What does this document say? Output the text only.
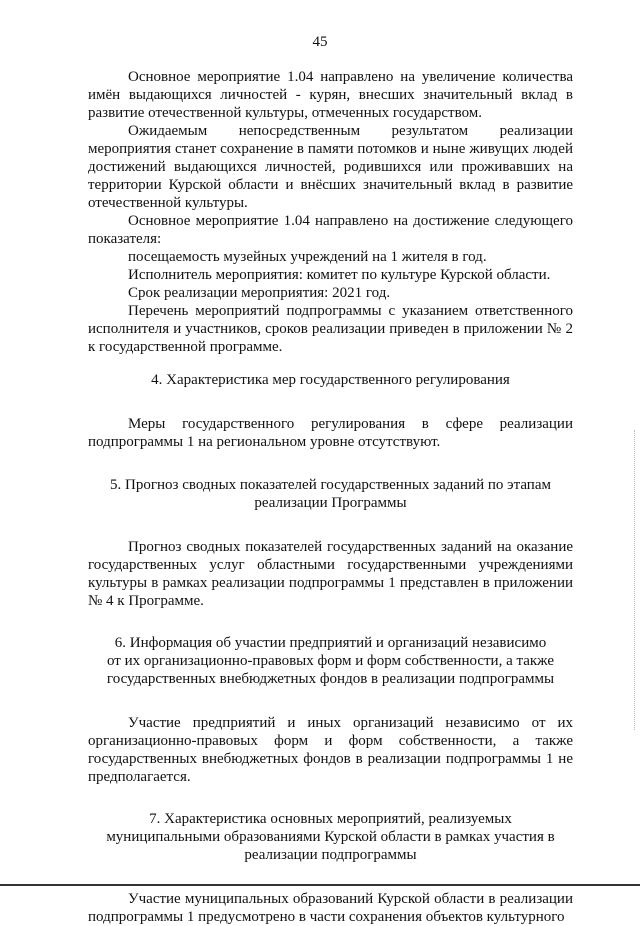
45

Основное мероприятие 1.04 направлено на увеличение количества имён выдающихся личностей - курян, внесших значительный вклад в развитие отечественной культуры, отмеченных государством.

Ожидаемым непосредственным результатом реализации мероприятия станет сохранение в памяти потомков и ныне живущих людей достижений выдающихся личностей, родившихся или проживавших на территории Курской области и внёсших значительный вклад в развитие отечественной культуры.

Основное мероприятие 1.04 направлено на достижение следующего показателя:

посещаемость музейных учреждений на 1 жителя в год.

Исполнитель мероприятия: комитет по культуре Курской области.

Срок реализации мероприятия: 2021 год.

Перечень мероприятий подпрограммы с указанием ответственного исполнителя и участников, сроков реализации приведен в приложении № 2 к государственной программе.

4. Характеристика мер государственного регулирования

Меры государственного регулирования в сфере реализации подпрограммы 1 на региональном уровне отсутствуют.

5. Прогноз сводных показателей государственных заданий по этапам

реализации Программы

Прогноз сводных показателей государственных заданий на оказание государственных услуг областными государственными учреждениями культуры в рамках реализации подпрограммы 1 представлен в приложении № 4 к Программе.

6. Информация об участии предприятий и организаций независимо

от их организационно-правовых форм и форм собственности, а также

государственных внебюджетных фондов в реализации подпрограммы

Участие предприятий и иных организаций независимо от их организационно-правовых форм и форм собственности, а также государственных внебюджетных фондов в реализации подпрограммы 1 не предполагается.

7. Характеристика основных мероприятий, реализуемых

муниципальными образованиями Курской области в рамках участия в

реализации подпрограммы

Участие муниципальных образований Курской области в реализации подпрограммы 1 предусмотрено в части сохранения объектов культурного
